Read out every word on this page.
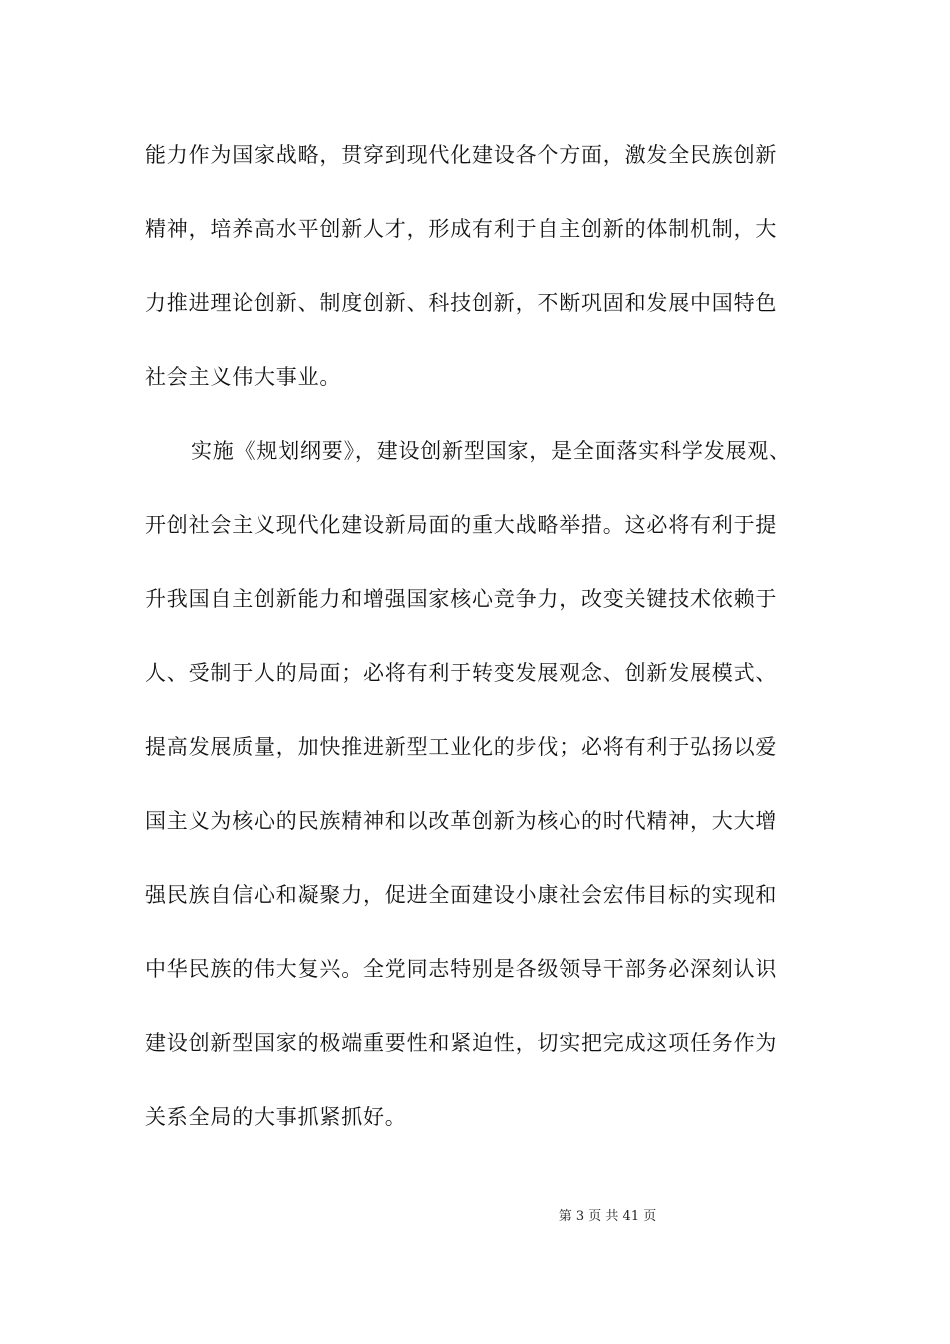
能力作为国家战略，贯穿到现代化建设各个方面，激发全民族创新
精神，培养高水平创新人才，形成有利于自主创新的体制机制，大
力推进理论创新、制度创新、科技创新，不断巩固和发展中国特色
社会主义伟大事业。
实施《规划纲要》，建设创新型国家，是全面落实科学发展观、
开创社会主义现代化建设新局面的重大战略举措。这必将有利于提
升我国自主创新能力和增强国家核心竞争力，改变关键技术依赖于
人、受制于人的局面；必将有利于转变发展观念、创新发展模式、
提高发展质量，加快推进新型工业化的步伐；必将有利于弘扬以爱
国主义为核心的民族精神和以改革创新为核心的时代精神，大大增
强民族自信心和凝聚力，促进全面建设小康社会宏伟目标的实现和
中华民族的伟大复兴。全党同志特别是各级领导干部务必深刻认识
建设创新型国家的极端重要性和紧迫性，切实把完成这项任务作为
关系全局的大事抓紧抓好。
第 3 页 共 41 页
